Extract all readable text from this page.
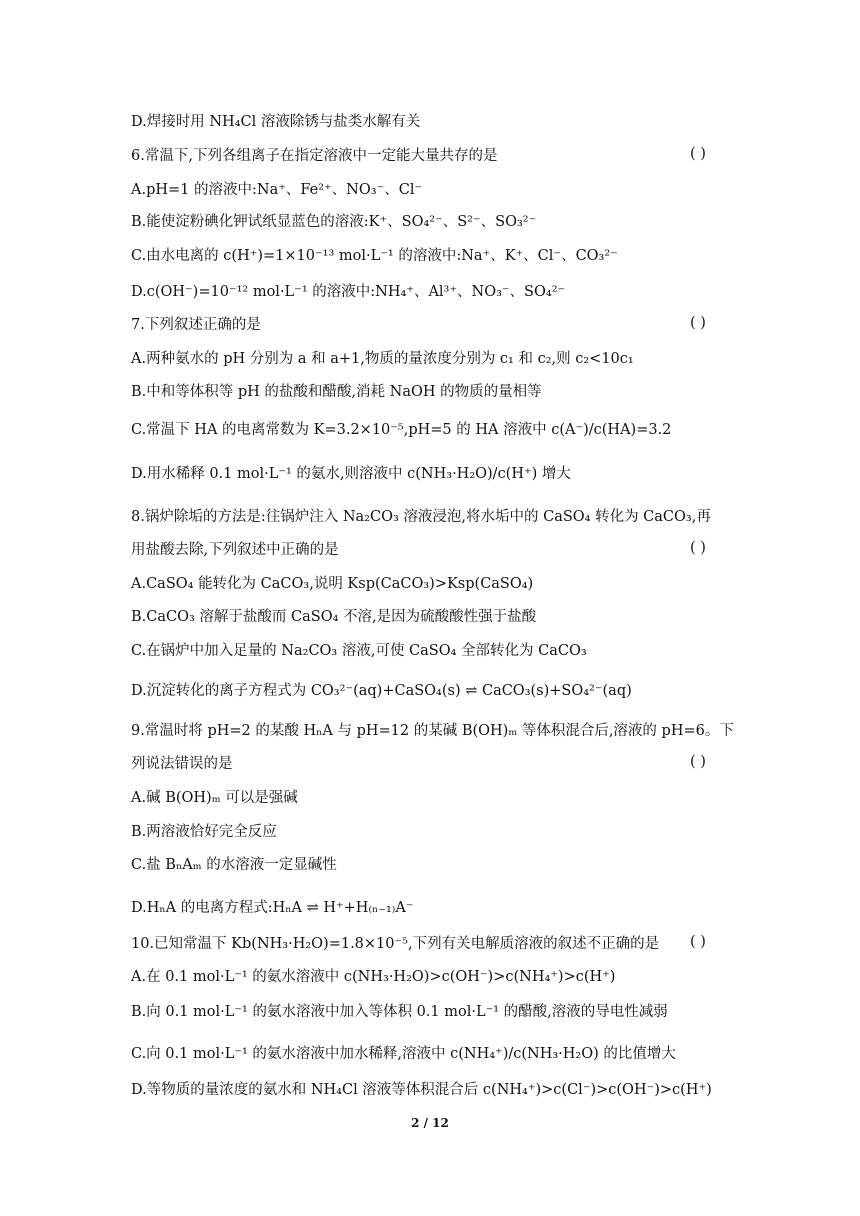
D.焊接时用 NH₄Cl 溶液除锈与盐类水解有关
6.常温下,下列各组离子在指定溶液中一定能大量共存的是	( )
A.pH=1 的溶液中:Na⁺、Fe²⁺、NO₃⁻、Cl⁻
B.能使淀粉碘化钾试纸显蓝色的溶液:K⁺、SO₄²⁻、S²⁻、SO₃²⁻
C.由水电离的 c(H⁺)=1×10⁻¹³ mol·L⁻¹ 的溶液中:Na⁺、K⁺、Cl⁻、CO₃²⁻
D.c(OH⁻)=10⁻¹² mol·L⁻¹ 的溶液中:NH₄⁺、Al³⁺、NO₃⁻、SO₄²⁻
7.下列叙述正确的是	( )
A.两种氨水的 pH 分别为 a 和 a+1,物质的量浓度分别为 c₁ 和 c₂,则 c₂<10c₁
B.中和等体积等 pH 的盐酸和醋酸,消耗 NaOH 的物质的量相等
C.常温下 HA 的电离常数为 K=3.2×10⁻⁵,pH=5 的 HA 溶液中 c(A⁻)/c(HA)=3.2
D.用水稀释 0.1 mol·L⁻¹ 的氨水,则溶液中 c(NH₃·H₂O)/c(H⁺) 增大
8.锅炉除垢的方法是:往锅炉注入 Na₂CO₃ 溶液浸泡,将水垢中的 CaSO₄ 转化为 CaCO₃,再
用盐酸去除,下列叙述中正确的是	( )
A.CaSO₄ 能转化为 CaCO₃,说明 Ksp(CaCO₃)>Ksp(CaSO₄)
B.CaCO₃ 溶解于盐酸而 CaSO₄ 不溶,是因为硫酸酸性强于盐酸
C.在锅炉中加入足量的 Na₂CO₃ 溶液,可使 CaSO₄ 全部转化为 CaCO₃
D.沉淀转化的离子方程式为 CO₃²⁻(aq)+CaSO₄(s) ⇌ CaCO₃(s)+SO₄²⁻(aq)
9.常温时将 pH=2 的某酸 HₙA 与 pH=12 的某碱 B(OH)ₘ 等体积混合后,溶液的 pH=6。下
列说法错误的是	( )
A.碱 B(OH)ₘ 可以是强碱
B.两溶液恰好完全反应
C.盐 BₙAₘ 的水溶液一定显碱性
D.HₙA 的电离方程式:HₙA ⇌ H⁺+H₍ₙ₋₁₎A⁻
10.已知常温下 Kb(NH₃·H₂O)=1.8×10⁻⁵,下列有关电解质溶液的叙述不正确的是	( )
A.在 0.1 mol·L⁻¹ 的氨水溶液中 c(NH₃·H₂O)>c(OH⁻)>c(NH₄⁺)>c(H⁺)
B.向 0.1 mol·L⁻¹ 的氨水溶液中加入等体积 0.1 mol·L⁻¹ 的醋酸,溶液的导电性减弱
C.向 0.1 mol·L⁻¹ 的氨水溶液中加水稀释,溶液中 c(NH₄⁺)/c(NH₃·H₂O) 的比值增大
D.等物质的量浓度的氨水和 NH₄Cl 溶液等体积混合后 c(NH₄⁺)>c(Cl⁻)>c(OH⁻)>c(H⁺)
2 / 12
